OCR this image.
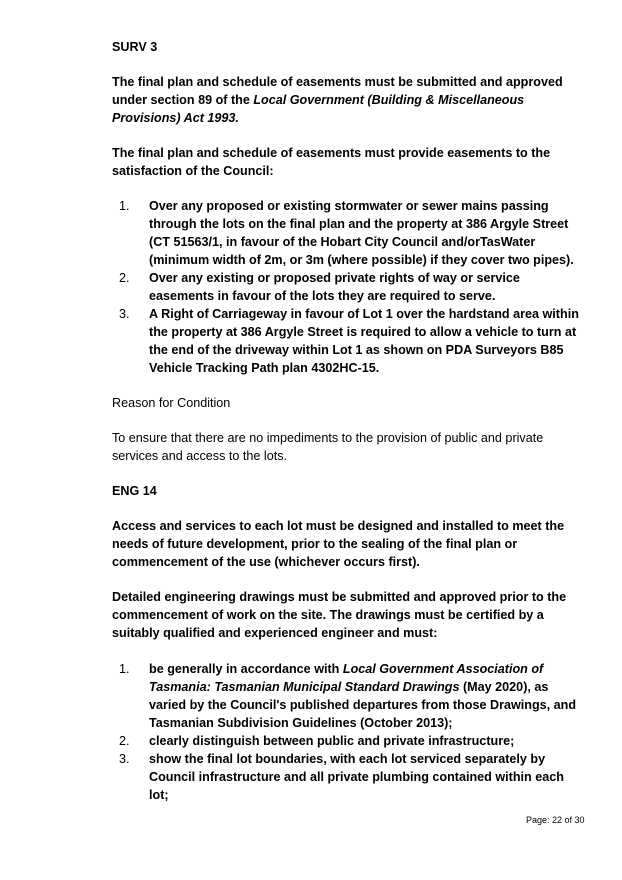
SURV 3

The final plan and schedule of easements must be submitted and approved under section 89 of the Local Government (Building & Miscellaneous Provisions) Act 1993.

The final plan and schedule of easements must provide easements to the satisfaction of the Council:

1. Over any proposed or existing stormwater or sewer mains passing through the lots on the final plan and the property at 386 Argyle Street (CT 51563/1, in favour of the Hobart City Council and/orTasWater (minimum width of 2m, or 3m (where possible) if they cover two pipes).
2. Over any existing or proposed private rights of way or service easements in favour of the lots they are required to serve.
3. A Right of Carriageway in favour of Lot 1 over the hardstand area within the property at 386 Argyle Street is required to allow a vehicle to turn at the end of the driveway within Lot 1 as shown on PDA Surveyors B85 Vehicle Tracking Path plan 4302HC-15.

Reason for Condition

To ensure that there are no impediments to the provision of public and private services and access to the lots.

ENG 14

Access and services to each lot must be designed and installed to meet the needs of future development, prior to the sealing of the final plan or commencement of the use (whichever occurs first).

Detailed engineering drawings must be submitted and approved prior to the commencement of work on the site. The drawings must be certified by a suitably qualified and experienced engineer and must:

1. be generally in accordance with Local Government Association of Tasmania: Tasmanian Municipal Standard Drawings (May 2020), as varied by the Council's published departures from those Drawings, and Tasmanian Subdivision Guidelines (October 2013);
2. clearly distinguish between public and private infrastructure;
3. show the final lot boundaries, with each lot serviced separately by Council infrastructure and all private plumbing contained within each lot;
Page: 22 of 30
